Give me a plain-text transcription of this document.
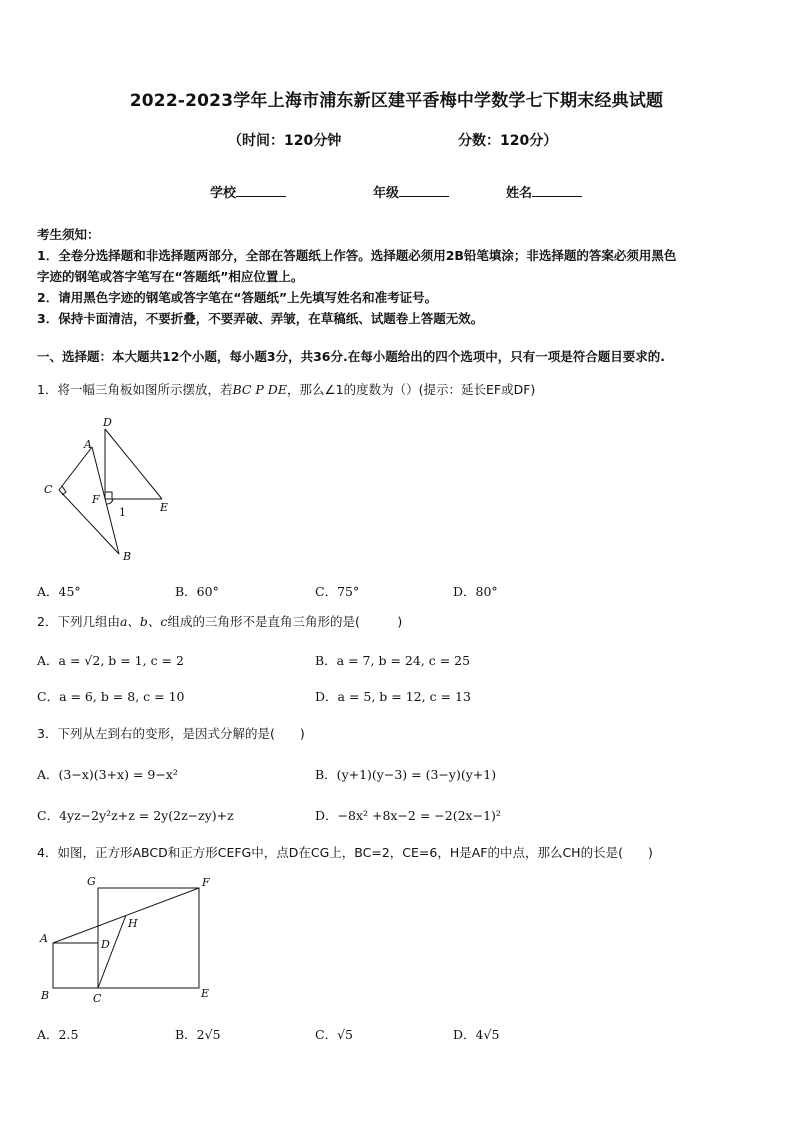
2022-2023学年上海市浦东新区建平香梅中学数学七下期末经典试题
（时间：120分钟	分数：120分）
学校	年级	姓名
考生须知：
1．全卷分选择题和非选择题两部分，全部在答题纸上作答。选择题必须用2B铅笔填涂；非选择题的答案必须用黑色
字迹的钢笔或答字笔写在“答题纸”相应位置上。
2．请用黑色字迹的钢笔或答字笔在“答题纸”上先填写姓名和准考证号。
3．保持卡面清洁，不要折叠，不要弄破、弄皱，在草稿纸、试题卷上答题无效。
一、选择题：本大题共12个小题，每小题3分，共36分.在每小题给出的四个选项中，只有一项是符合题目要求的.
1．将一幅三角板如图所示摆放，若BC P DE，那么∠1的度数为（）(提示：延长EF或DF)
A
D
C
F
E
B
1
A．45°	B．60°	C．75°	D．80°
2．下列几组由a、b、c组成的三角形不是直角三角形的是(　　　)
A．a = √2, b = 1, c = 2	B．a = 7, b = 24, c = 25
C．a = 6, b = 8, c = 10	D．a = 5, b = 12, c = 13
3．下列从左到右的变形，是因式分解的是(　　)
A．(3−x)(3+x) = 9−x²	B．(y+1)(y−3) = (3−y)(y+1)
C．4yz−2y²z+z = 2y(2z−zy)+z	D．−8x² +8x−2 = −2(2x−1)²
4．如图，正方形ABCD和正方形CEFG中，点D在CG上，BC=2，CE=6，H是AF的中点，那么CH的长是(　　)
G	F
H
A	D
B	C	E
A．2.5	B．2√5	C．√5	D．4√5
